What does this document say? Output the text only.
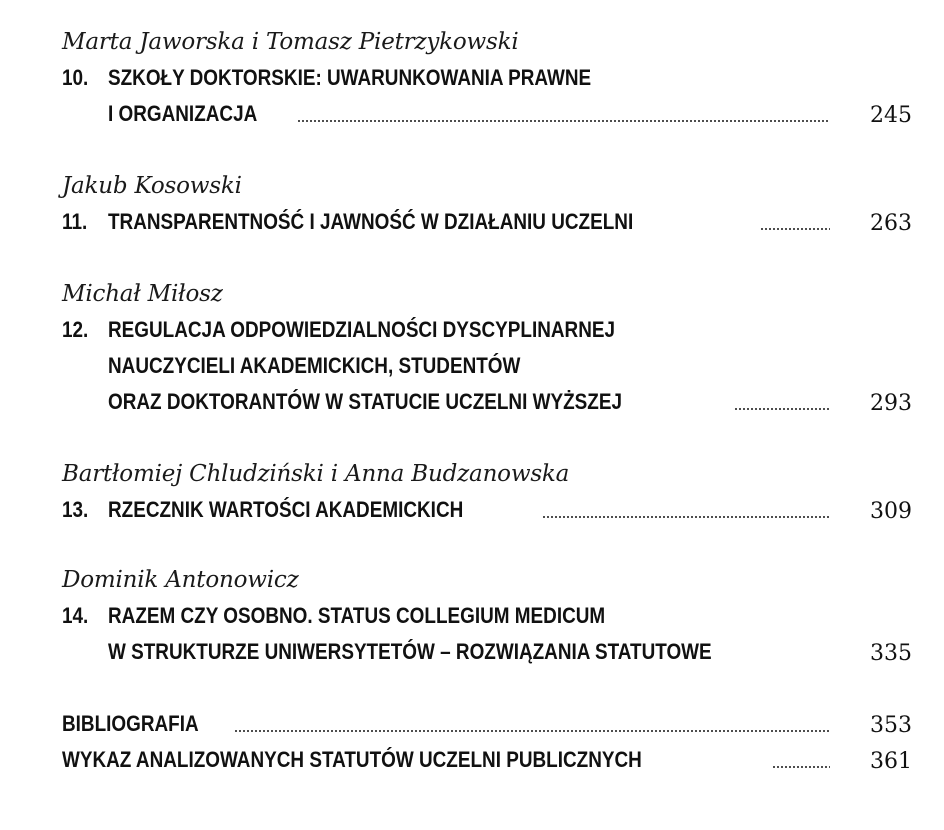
Marta Jaworska i Tomasz Pietrzykowski
10. SZKOŁY DOKTORSKIE: UWARUNKOWANIA PRAWNE
I ORGANIZACJA	245
Jakub Kosowski
11. TRANSPARENTNOŚĆ I JAWNOŚĆ W DZIAŁANIU UCZELNI	263
Michał Miłosz
12. REGULACJA ODPOWIEDZIALNOŚCI DYSCYPLINARNEJ
NAUCZYCIELI AKADEMICKICH, STUDENTÓW
ORAZ DOKTORANTÓW W STATUCIE UCZELNI WYŻSZEJ	293
Bartłomiej Chludziński i Anna Budzanowska
13. RZECZNIK WARTOŚCI AKADEMICKICH	309
Dominik Antonowicz
14. RAZEM CZY OSOBNO. STATUS COLLEGIUM MEDICUM
W STRUKTURZE UNIWERSYTETÓW – ROZWIĄZANIA STATUTOWE	335
BIBLIOGRAFIA	353
WYKAZ ANALIZOWANYCH STATUTÓW UCZELNI PUBLICZNYCH	361
